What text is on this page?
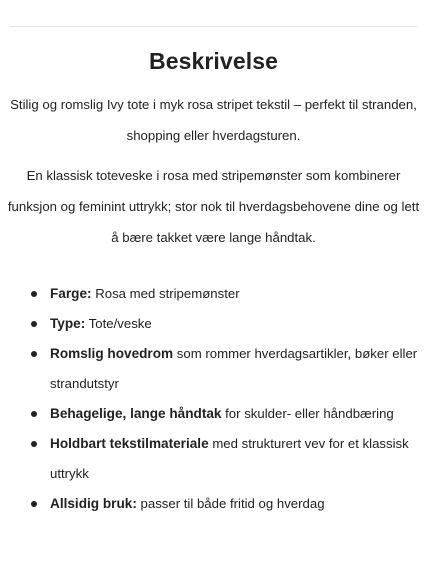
Beskrivelse

Stilig og romslig Ivy tote i myk rosa stripet tekstil – perfekt til stranden, shopping eller hverdagsturen.

En klassisk toteveske i rosa med stripemønster som kombinerer funksjon og feminint uttrykk; stor nok til hverdagsbehovene dine og lett å bære takket være lange håndtak.

Farge: Rosa med stripemønster
Type: Tote/veske
Romslig hovedrom som rommer hverdagsartikler, bøker eller strandutstyr
Behagelige, lange håndtak for skulder- eller håndbæring
Holdbart tekstilmateriale med strukturert vev for et klassisk uttrykk
Allsidig bruk: passer til både fritid og hverdag
